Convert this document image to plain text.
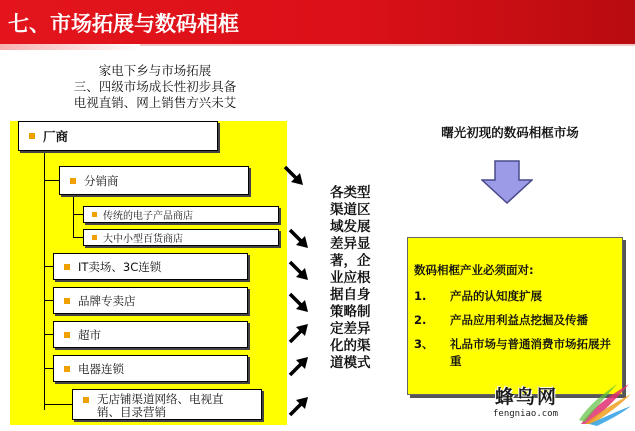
七、市场拓展与数码相框
家电下乡与市场拓展
三、四级市场成长性初步具备
电视直销、网上销售方兴未艾
厂商
分销商
传统的电子产品商店
大中小型百货商店
IT卖场、3C连锁
品牌专卖店
超市
电器连锁
无店铺渠道网络、电视直
销、目录营销
各类型
渠道区
域发展
差异显
著，企
业应根
据自身
策略制
定差异
化的渠
道模式
曙光初现的数码相框市场
数码相框产业必须面对:
1.	产品的认知度扩展
2.	产品应用利益点挖掘及传播
3、	礼品市场与普通消费市场拓展并重
蜂鸟网
fengniao.com
